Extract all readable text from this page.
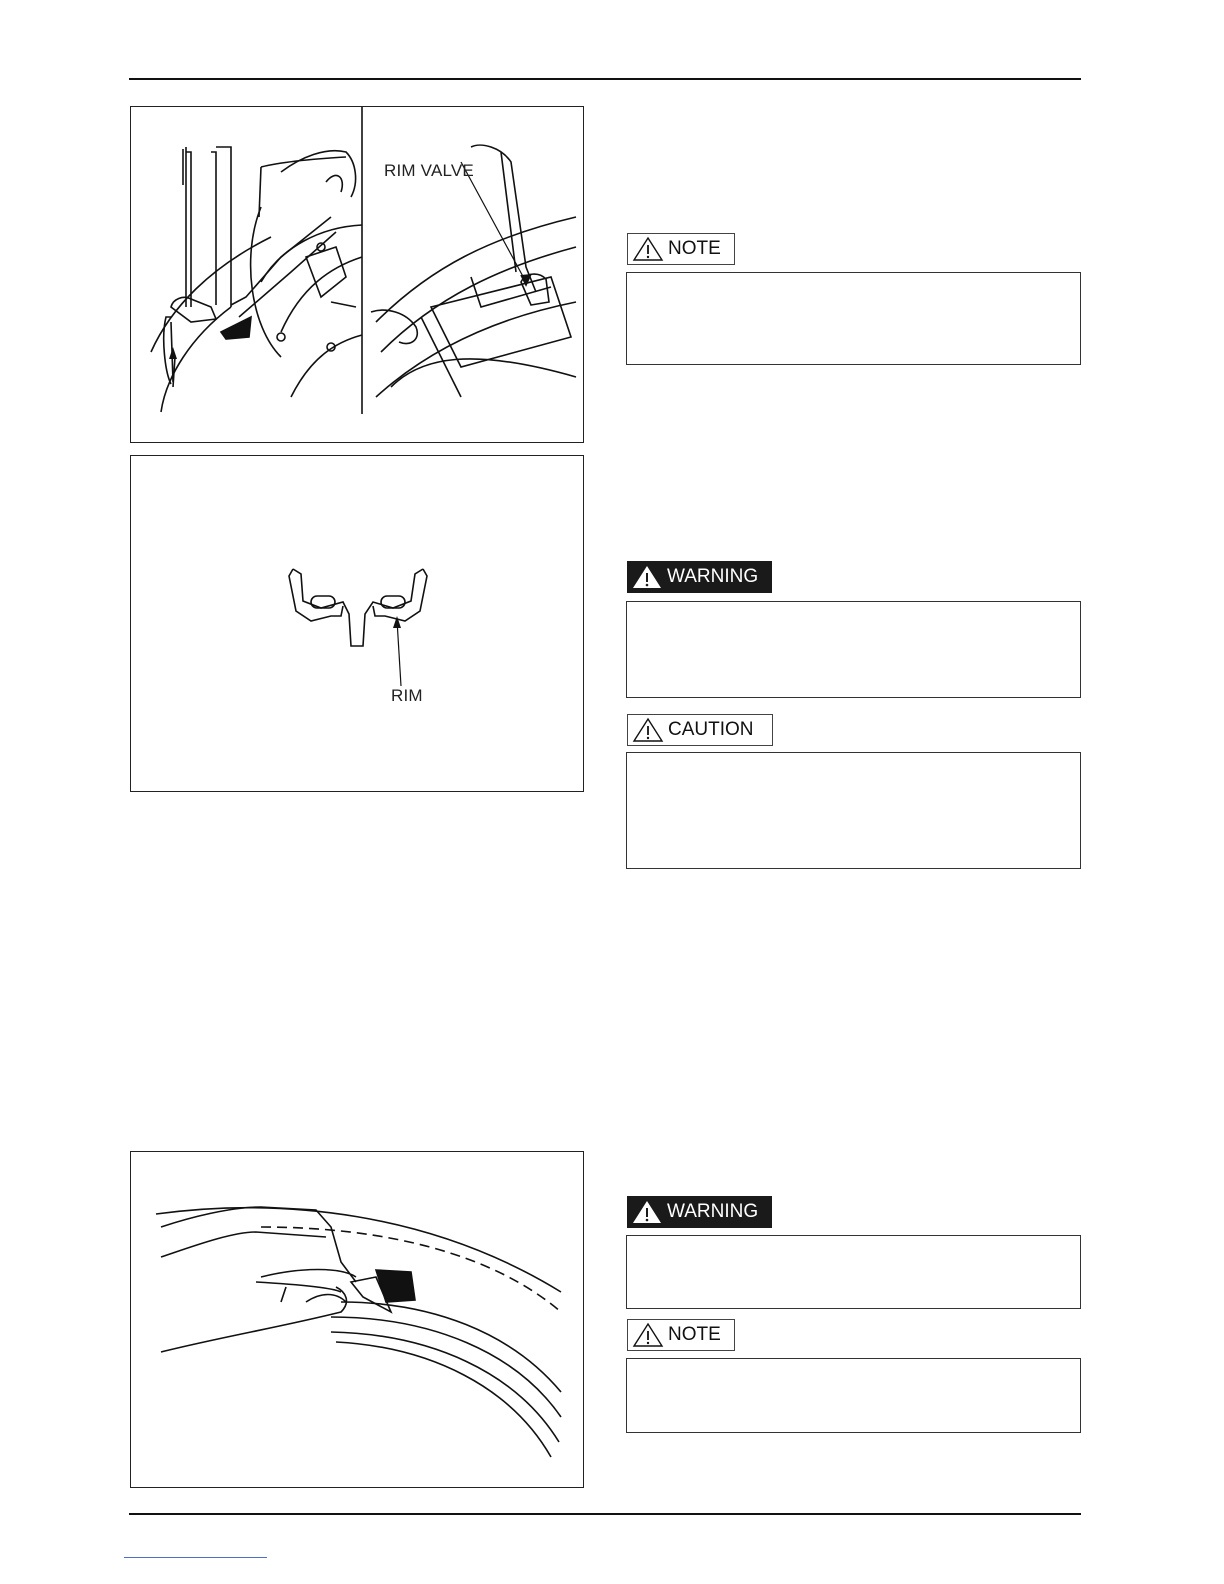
RIM VALVE
RIM
NOTE
WARNING
CAUTION
WARNING
NOTE
